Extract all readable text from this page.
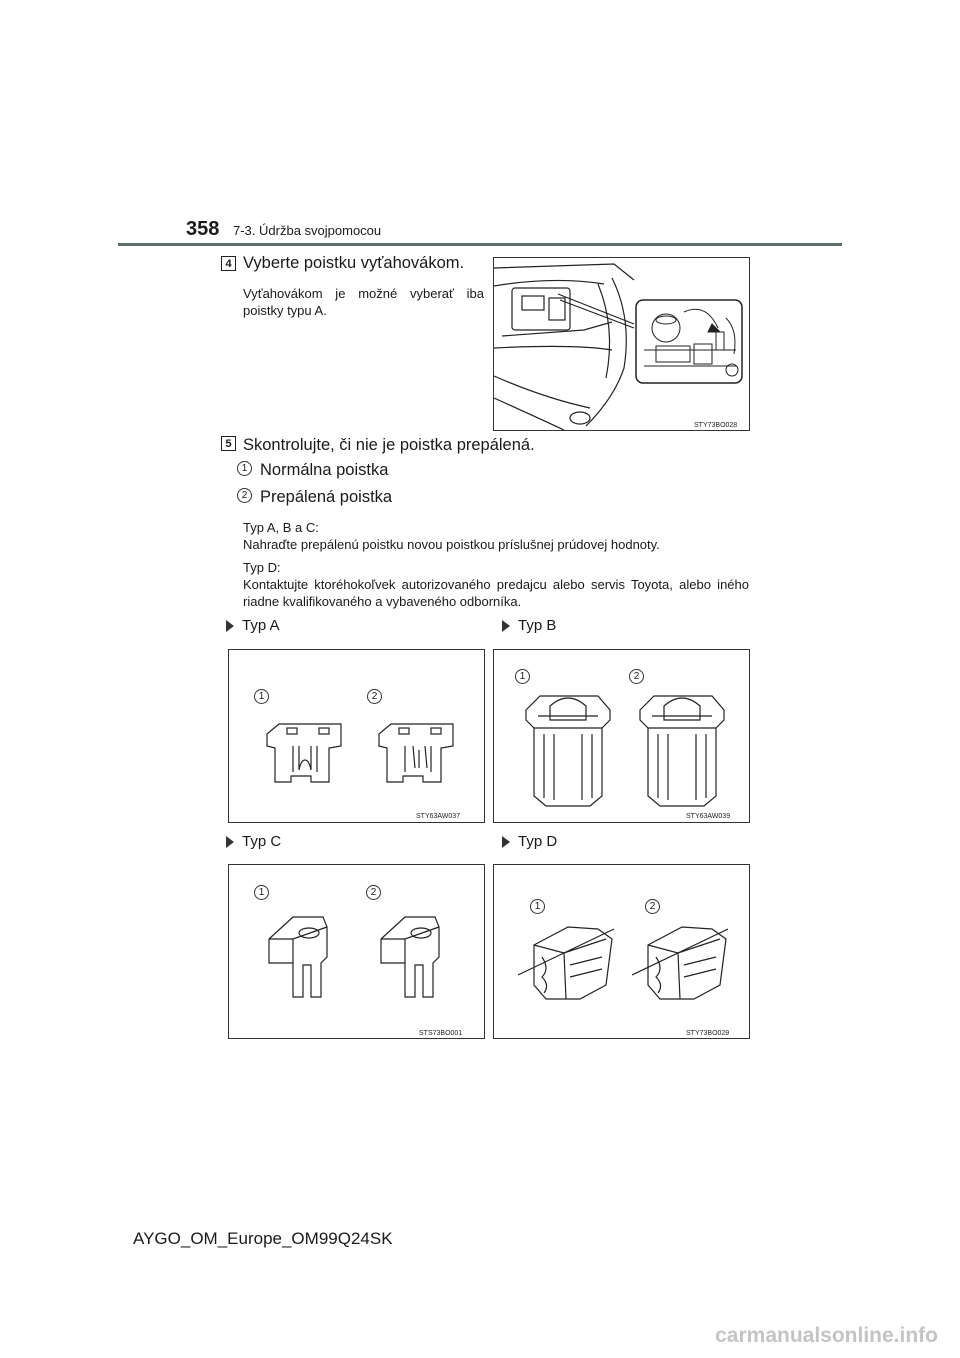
358 7-3. Údržba svojpomocou
4 Vyberte poistku vyťahovákom.
Vyťahovákom je možné vyberať iba poistky typu A.
STY73BO028
5 Skontrolujte, či nie je poistka prepálená.
1 Normálna poistka
2 Prepálená poistka
Typ A, B a C:
Nahraďte prepálenú poistku novou poistkou príslušnej prúdovej hodnoty.
Typ D:
Kontaktujte ktoréhokoľvek autorizovaného predajcu alebo servis Toyota, alebo iného riadne kvalifikovaného a vybaveného odborníka.
Typ A	Typ B
1	2
STY63AW037
1	2
STY63AW039
Typ C	Typ D
1	2
STS73BO001
1	2
STY73BO029
AYGO_OM_Europe_OM99Q24SK
carmanualsonline.info
